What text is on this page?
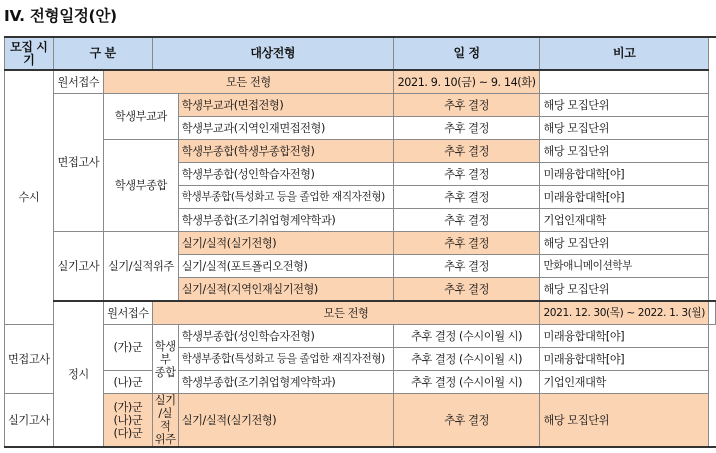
IV. 전형일정(안)
모집 시기	구 분		대상전형		일 정	비고	
수시	원서접수	모든 전형			2021. 9. 10(금) ~ 9. 14(화)		
	면접고사	학생부교과		학생부교과(면접전형)	추후 결정	해당 모집단위	
				학생부교과(지역인재면접전형)	추후 결정	해당 모집단위	
		학생부종합		학생부종합(학생부종합전형)	추후 결정	해당 모집단위	
				학생부종합(성인학습자전형)	추후 결정	미래융합대학[야]	
				학생부종합(특성화고 등을 졸업한 재직자전형)	추후 결정	미래융합대학[야]	
				학생부종합(조기취업형계약학과)	추후 결정	기업인재대학	
	실기고사	실기/실적위주		실기/실적(실기전형)	추후 결정	해당 모집단위	
				실기/실적(포트폴리오전형)	추후 결정	만화애니메이션학부	
				실기/실적(지역인재실기전형)	추후 결정	해당 모집단위	
	정시	원서접수	모든 전형			2021. 12. 30(목) ~ 2022. 1. 3(월)	
면접고사		(가)군	학생부 종합	학생부종합(성인학습자전형)	추후 결정 (수시이월 시)	미래융합대학[야]	
				학생부종합(특성화고 등을 졸업한 재직자전형)	추후 결정 (수시이월 시)	미래융합대학[야]	
		(나)군		학생부종합(조기취업형계약학과)	추후 결정 (수시이월 시)	기업인재대학	
실기고사		(가)군 (나)군 (다)군	실기 /실적 위주	실기/실적(실기전형)	추후 결정	해당 모집단위	
